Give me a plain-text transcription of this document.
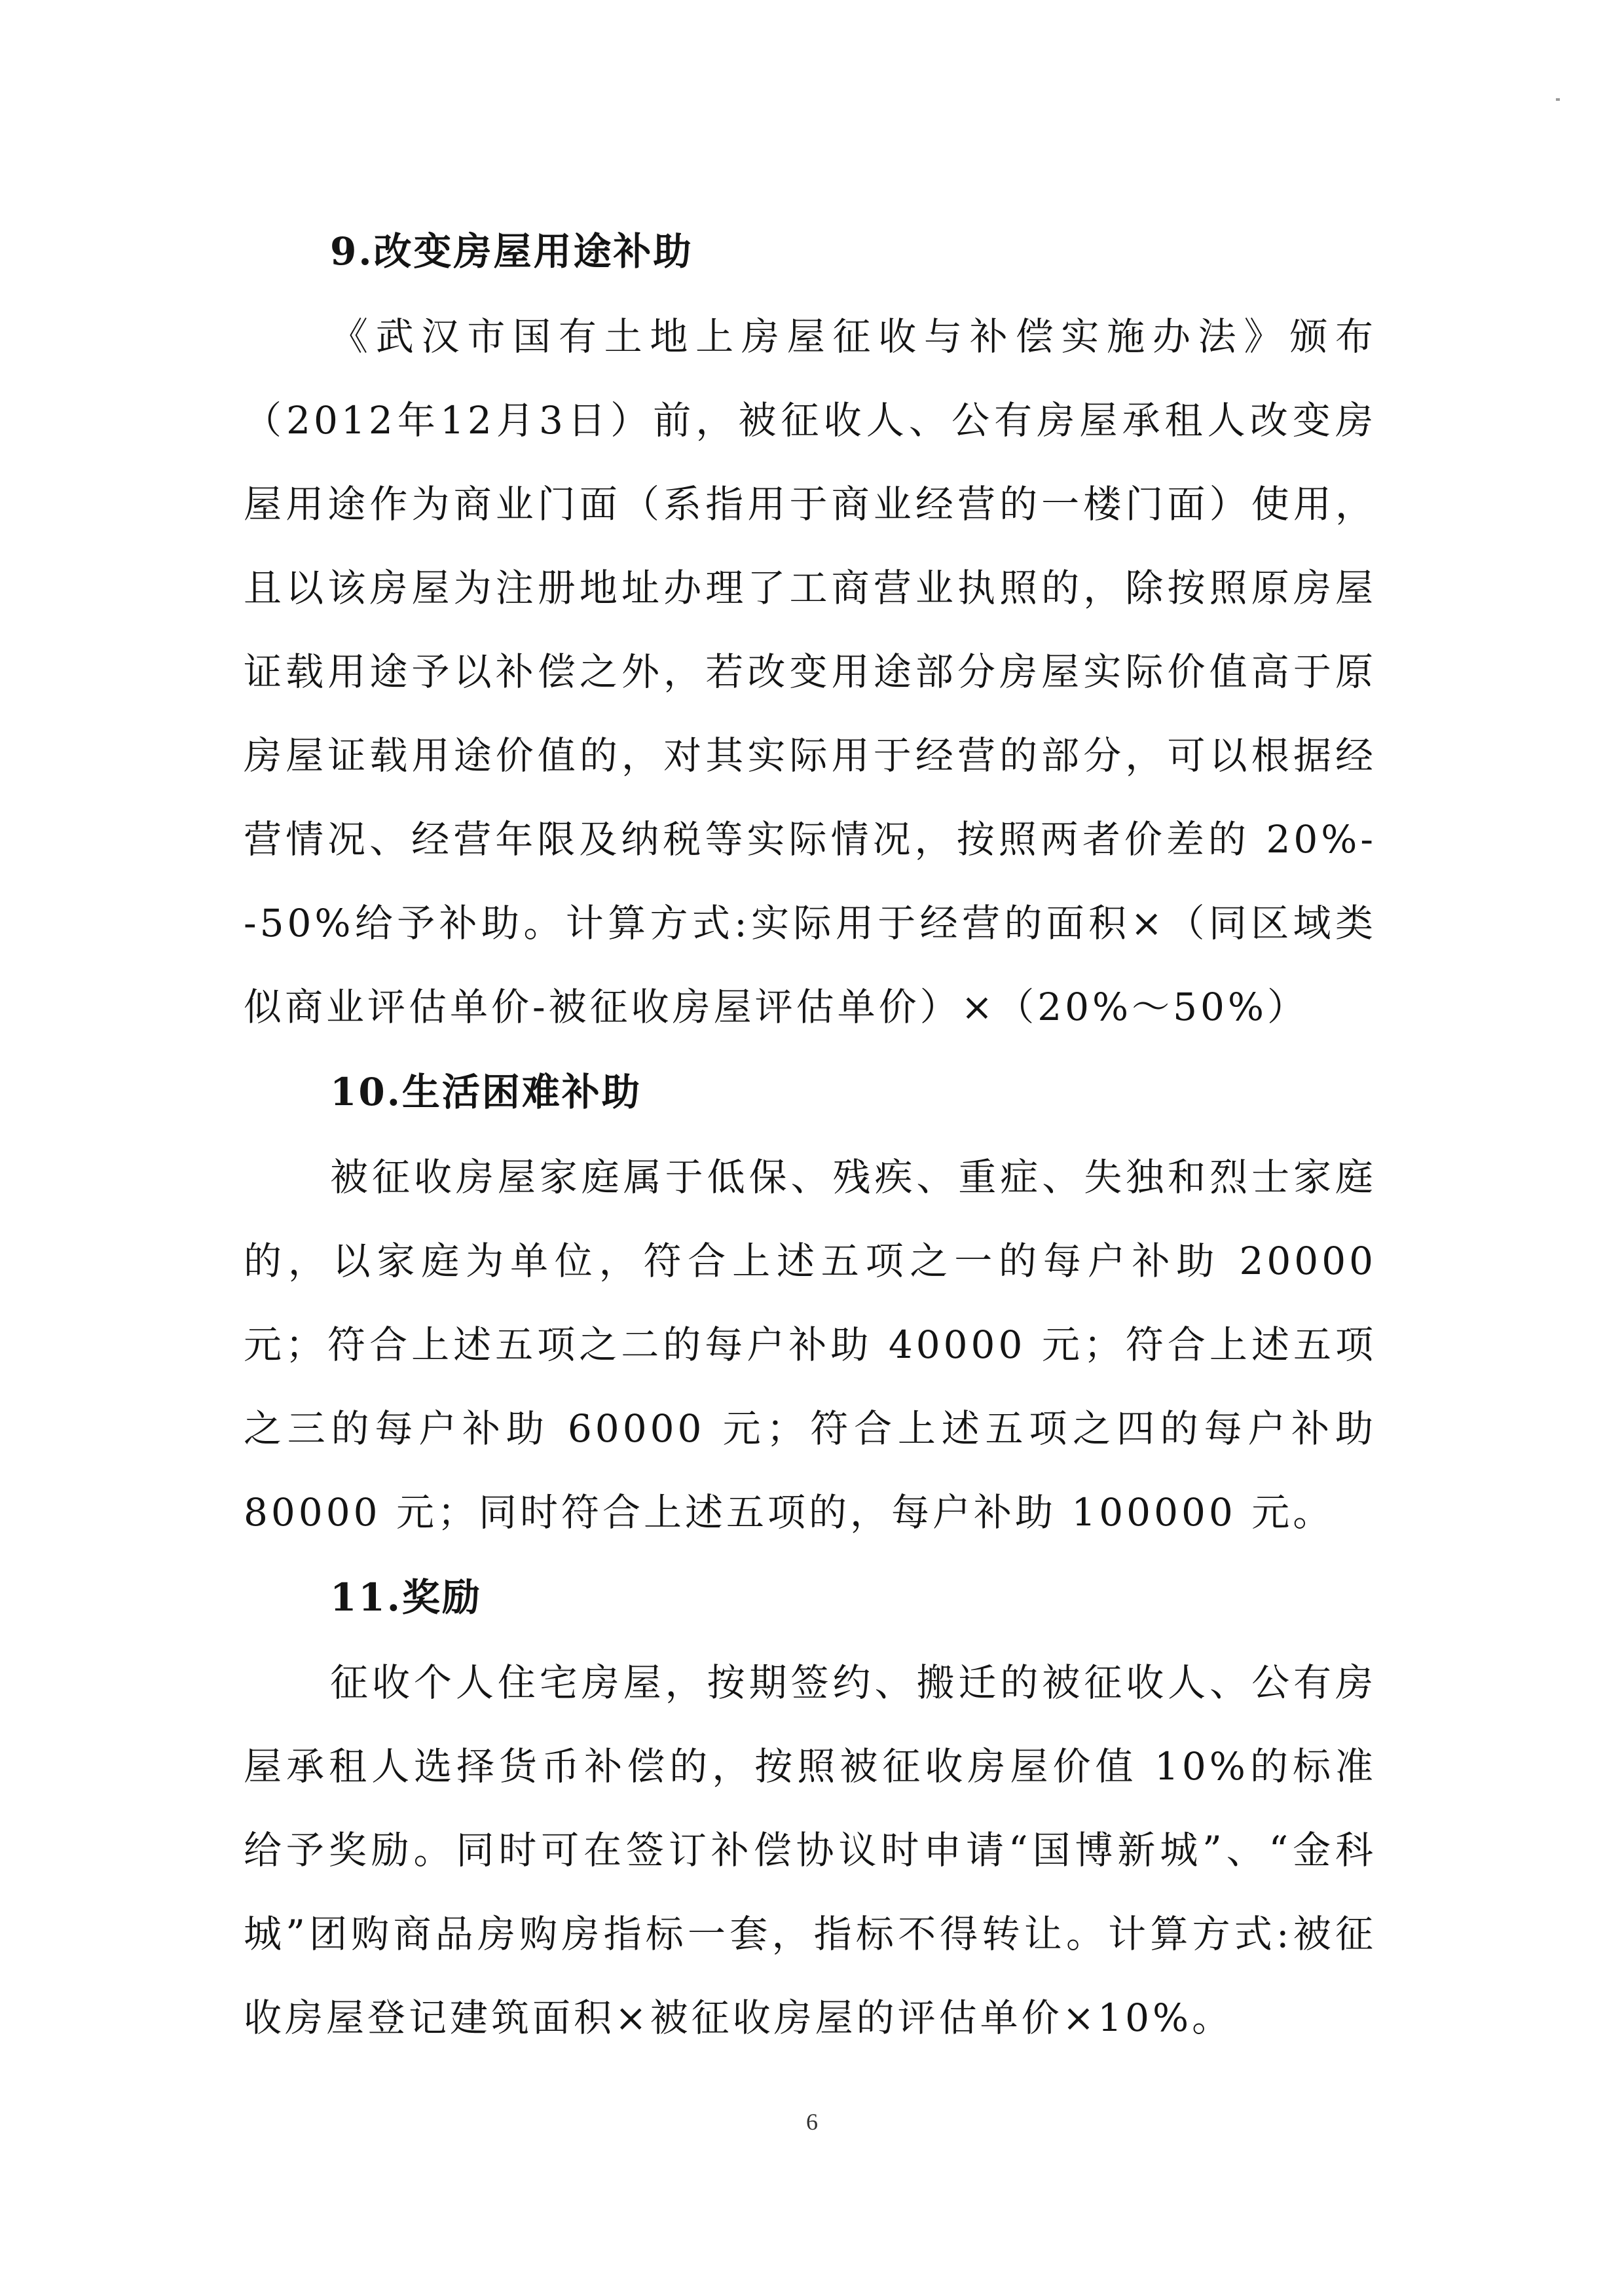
9.改变房屋用途补助

《武汉市国有土地上房屋征收与补偿实施办法》颁布（2012年12月3日）前，被征收人、公有房屋承租人改变房屋用途作为商业门面（系指用于商业经营的一楼门面）使用，且以该房屋为注册地址办理了工商营业执照的，除按照原房屋证载用途予以补偿之外，若改变用途部分房屋实际价值高于原房屋证载用途价值的，对其实际用于经营的部分，可以根据经营情况、经营年限及纳税等实际情况，按照两者价差的 20%--50%给予补助。计算方式:实际用于经营的面积×（同区域类似商业评估单价-被征收房屋评估单价）×（20%～50%）

10.生活困难补助

被征收房屋家庭属于低保、残疾、重症、失独和烈士家庭的，以家庭为单位，符合上述五项之一的每户补助 20000元；符合上述五项之二的每户补助 40000 元；符合上述五项之三的每户补助 60000 元；符合上述五项之四的每户补助 80000 元；同时符合上述五项的，每户补助 100000 元。

11.奖励

征收个人住宅房屋，按期签约、搬迁的被征收人、公有房屋承租人选择货币补偿的，按照被征收房屋价值 10%的标准给予奖励。同时可在签订补偿协议时申请“国博新城”、“金科城”团购商品房购房指标一套，指标不得转让。计算方式:被征收房屋登记建筑面积×被征收房屋的评估单价×10%。

6
